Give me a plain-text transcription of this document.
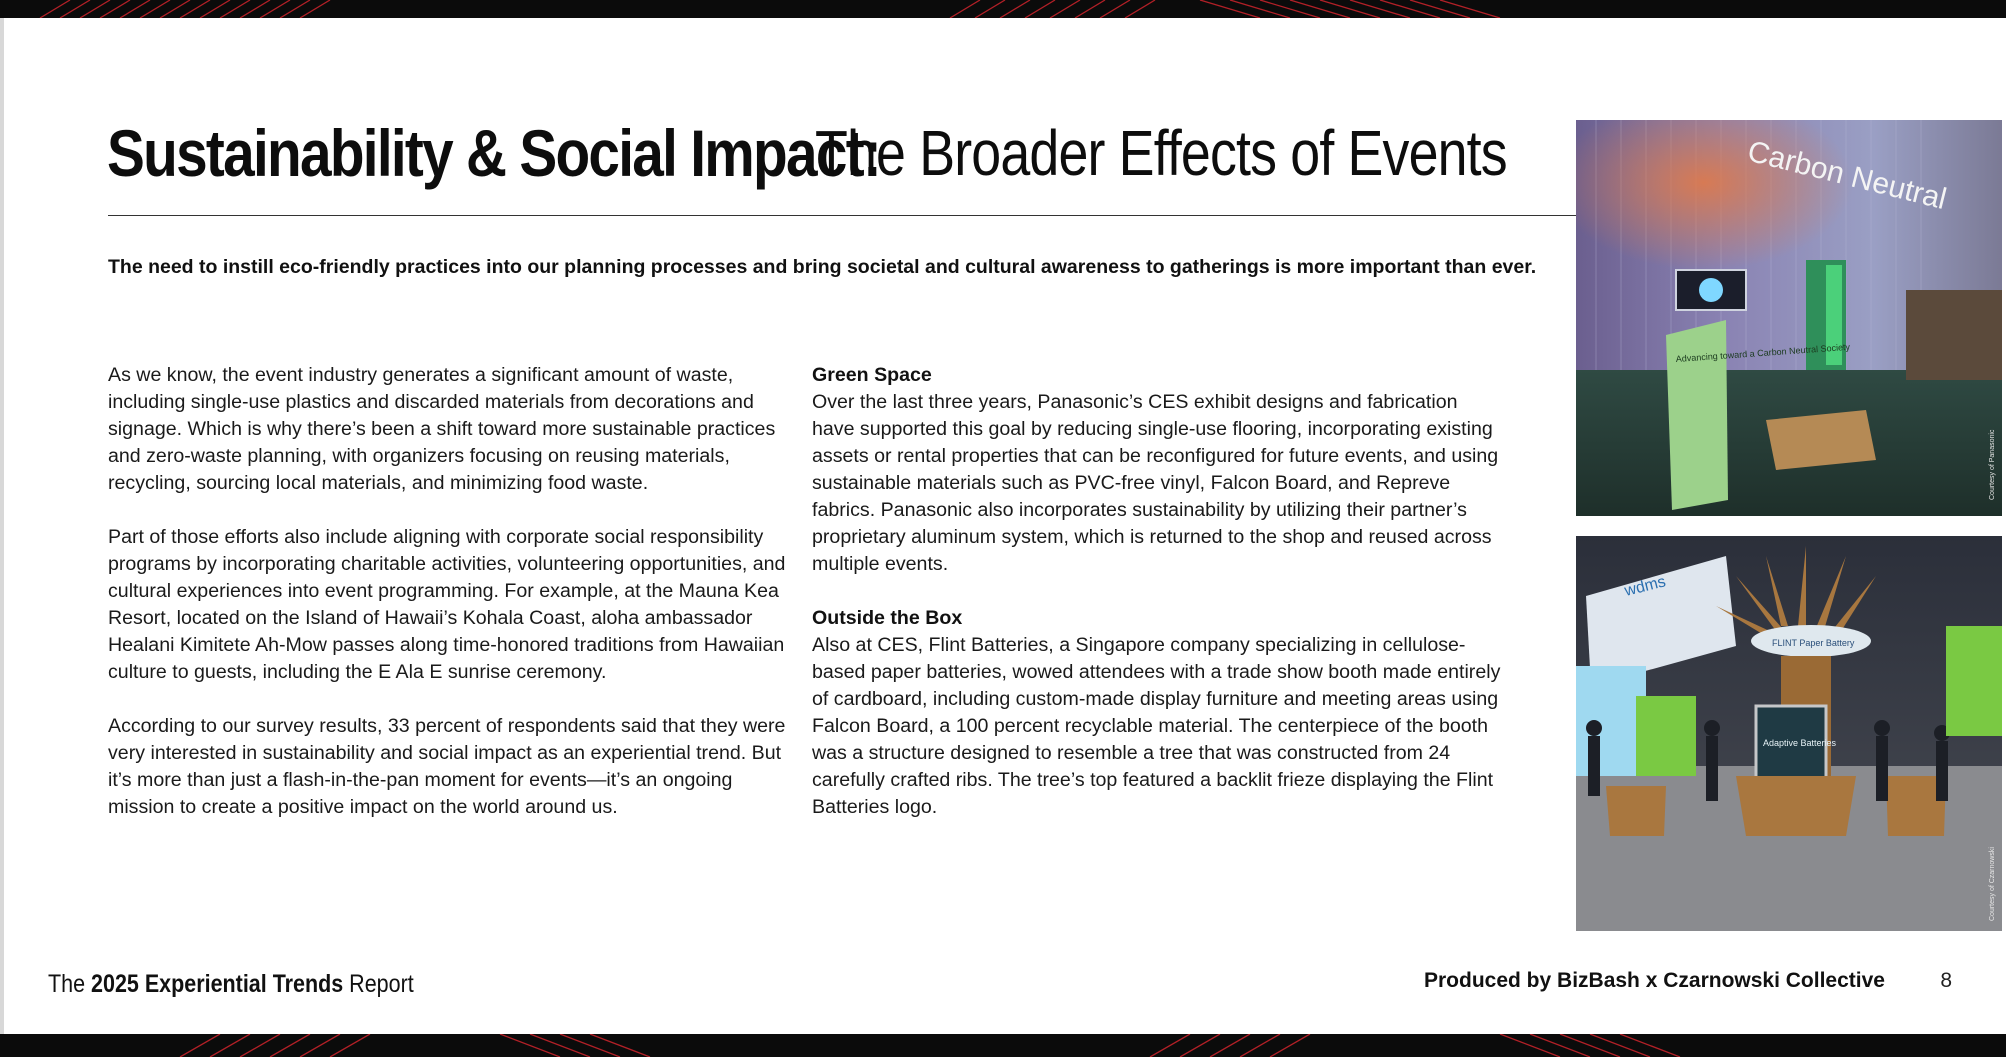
Sustainability & Social Impact:
The Broader Effects of Events
The need to instill eco-friendly practices into our planning processes and bring societal and cultural awareness to gatherings is more important than ever.

As we know, the event industry generates a significant amount of waste, including single-use plastics and discarded materials from decorations and signage. Which is why there’s been a shift toward more sustainable practices and zero-waste planning, with organizers focusing on reusing materials, recycling, sourcing local materials, and minimizing food waste.

Part of those efforts also include aligning with corporate social responsibility programs by incorporating charitable activities, volunteering opportunities, and cultural experiences into event programming. For example, at the Mauna Kea Resort, located on the Island of Hawaii’s Kohala Coast, aloha ambassador Healani Kimitete Ah-Mow passes along time-honored traditions from Hawaiian culture to guests, including the E Ala E sunrise ceremony.

According to our survey results, 33 percent of respondents said that they were very interested in sustainability and social impact as an experiential trend. But it’s more than just a flash-in-the-pan moment for events—it’s an ongoing mission to create a positive impact on the world around us.

Green Space

Over the last three years, Panasonic’s CES exhibit designs and fabrication have supported this goal by reducing single-use flooring, incorporating existing assets or rental properties that can be reconfigured for future events, and using sustainable materials such as PVC-free vinyl, Falcon Board, and Repreve fabrics. Panasonic also incorporates sustainability by utilizing their partner’s proprietary aluminum system, which is returned to the shop and reused across multiple events.

Outside the Box

Also at CES, Flint Batteries, a Singapore company specializing in cellulose-based paper batteries, wowed attendees with a trade show booth made entirely of cardboard, including custom-made display furniture and meeting areas using Falcon Board, a 100 percent recyclable material. The centerpiece of the booth was a structure designed to resemble a tree that was constructed from 24 carefully crafted ribs. The tree’s top featured a backlit frieze displaying the Flint Batteries logo.

Advancing toward a Carbon Neutral Society
Carbon Neutral
Courtesy of Panasonic
wdms
FLINT Paper Battery
Adaptive Batteries
Courtesy of Czarnowski
The 2025 Experiential Trends Report	Produced by BizBash x Czarnowski Collective	8
